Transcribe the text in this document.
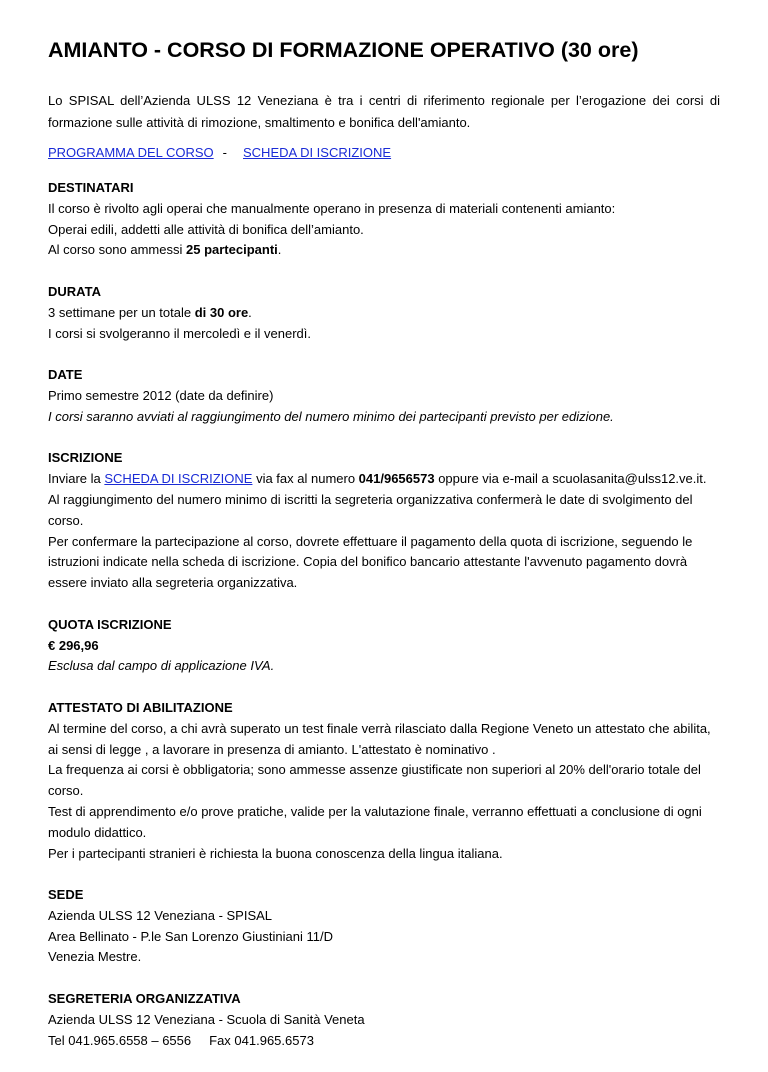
AMIANTO - CORSO DI FORMAZIONE OPERATIVO (30 ore)

Lo SPISAL dell’Azienda ULSS 12 Veneziana è tra i centri di riferimento regionale per l’erogazione dei corsi di formazione sulle attività di rimozione, smaltimento e bonifica dell'amianto.

PROGRAMMA DEL CORSO - SCHEDA DI ISCRIZIONE

DESTINATARI

Il corso è rivolto agli operai che manualmente operano in presenza di materiali contenenti amianto:

Operai edili, addetti alle attività di bonifica dell’amianto.

Al corso sono ammessi 25 partecipanti.

DURATA

3 settimane per un totale di 30 ore.

I corsi si svolgeranno il mercoledì e il venerdì.

DATE

Primo semestre 2012 (date da definire)

I corsi saranno avviati al raggiungimento del numero minimo dei partecipanti previsto per edizione.

ISCRIZIONE

Inviare la SCHEDA DI ISCRIZIONE via fax al numero 041/9656573 oppure via e-mail a scuolasanita@ulss12.ve.it.

Al raggiungimento del numero minimo di iscritti la segreteria organizzativa confermerà le date di svolgimento del corso.

Per confermare la partecipazione al corso, dovrete effettuare il pagamento della quota di iscrizione, seguendo le istruzioni indicate nella scheda di iscrizione. Copia del bonifico bancario attestante l'avvenuto pagamento dovrà essere inviato alla segreteria organizzativa.

QUOTA ISCRIZIONE

€ 296,96

Esclusa dal campo di applicazione IVA.

ATTESTATO DI ABILITAZIONE

Al termine del corso, a chi avrà superato un test finale verrà rilasciato dalla Regione Veneto un attestato che abilita, ai sensi di legge , a lavorare in presenza di amianto. L'attestato è nominativo .

La frequenza ai corsi è obbligatoria; sono ammesse assenze giustificate non superiori al 20% dell'orario totale del corso.

Test di apprendimento e/o prove pratiche, valide per la valutazione finale, verranno effettuati a conclusione di ogni modulo didattico.

Per i partecipanti stranieri è richiesta la buona conoscenza della lingua italiana.

SEDE

Azienda ULSS 12 Veneziana - SPISAL

Area Bellinato - P.le San Lorenzo Giustiniani 11/D

Venezia Mestre.

SEGRETERIA ORGANIZZATIVA

Azienda ULSS 12 Veneziana - Scuola di Sanità Veneta

Tel 041.965.6558 – 6556 Fax 041.965.6573
